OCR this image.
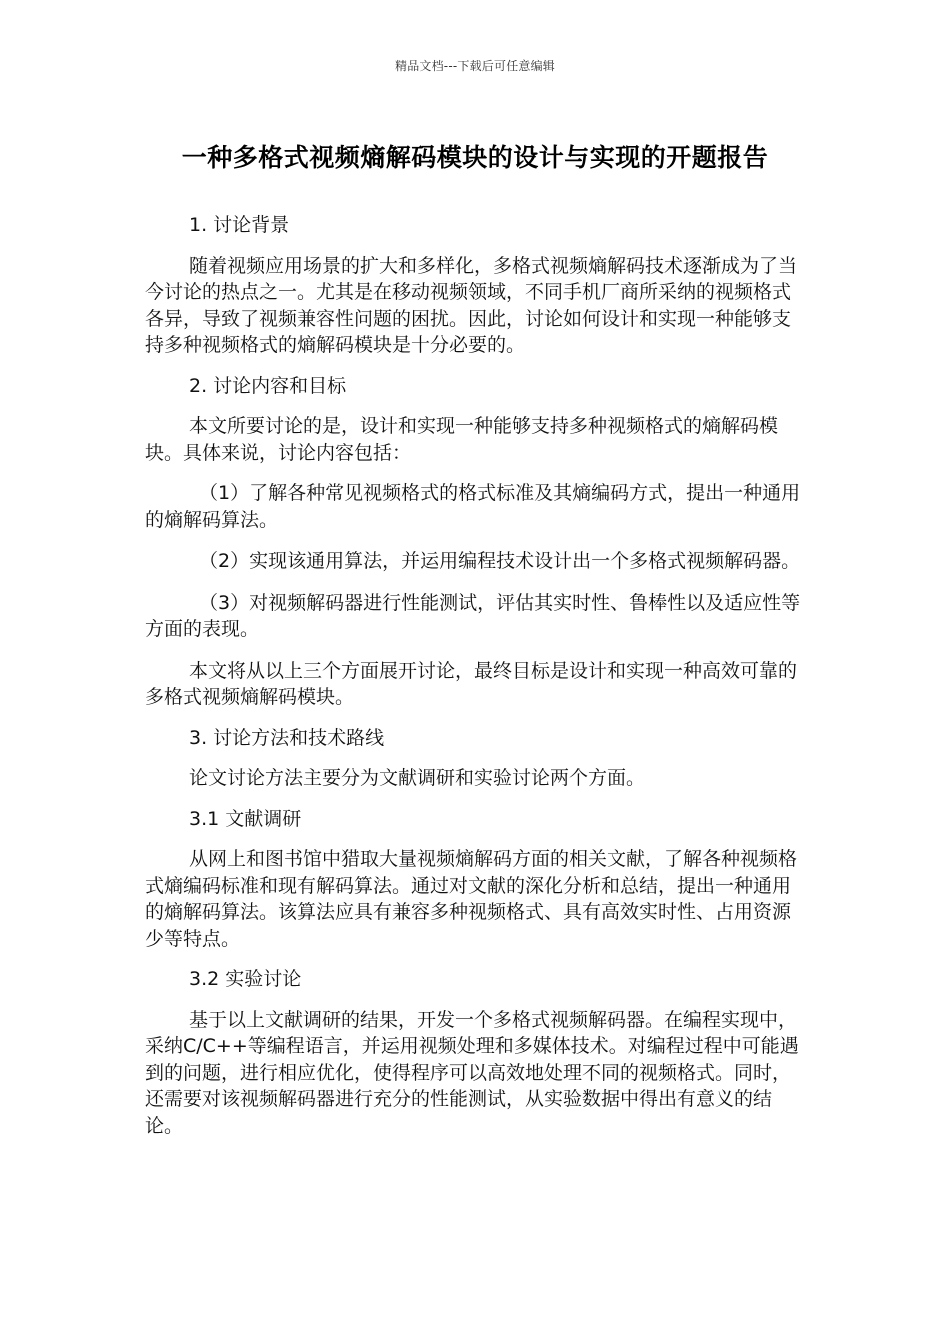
精品文档---下载后可任意编辑
一种多格式视频熵解码模块的设计与实现的开题报告

1. 讨论背景

随着视频应用场景的扩大和多样化，多格式视频熵解码技术逐渐成为了当今讨论的热点之一。尤其是在移动视频领域，不同手机厂商所采纳的视频格式各异，导致了视频兼容性问题的困扰。因此，讨论如何设计和实现一种能够支持多种视频格式的熵解码模块是十分必要的。

2. 讨论内容和目标

本文所要讨论的是，设计和实现一种能够支持多种视频格式的熵解码模块。具体来说，讨论内容包括：

（1）了解各种常见视频格式的格式标准及其熵编码方式，提出一种通用的熵解码算法。

（2）实现该通用算法，并运用编程技术设计出一个多格式视频解码器。

（3）对视频解码器进行性能测试，评估其实时性、鲁棒性以及适应性等方面的表现。

本文将从以上三个方面展开讨论，最终目标是设计和实现一种高效可靠的多格式视频熵解码模块。

3. 讨论方法和技术路线

论文讨论方法主要分为文献调研和实验讨论两个方面。

3.1 文献调研

从网上和图书馆中猎取大量视频熵解码方面的相关文献，了解各种视频格式熵编码标准和现有解码算法。通过对文献的深化分析和总结，提出一种通用的熵解码算法。该算法应具有兼容多种视频格式、具有高效实时性、占用资源少等特点。

3.2 实验讨论

基于以上文献调研的结果，开发一个多格式视频解码器。在编程实现中，采纳C/C++等编程语言，并运用视频处理和多媒体技术。对编程过程中可能遇到的问题，进行相应优化，使得程序可以高效地处理不同的视频格式。同时，还需要对该视频解码器进行充分的性能测试，从实验数据中得出有意义的结论。
